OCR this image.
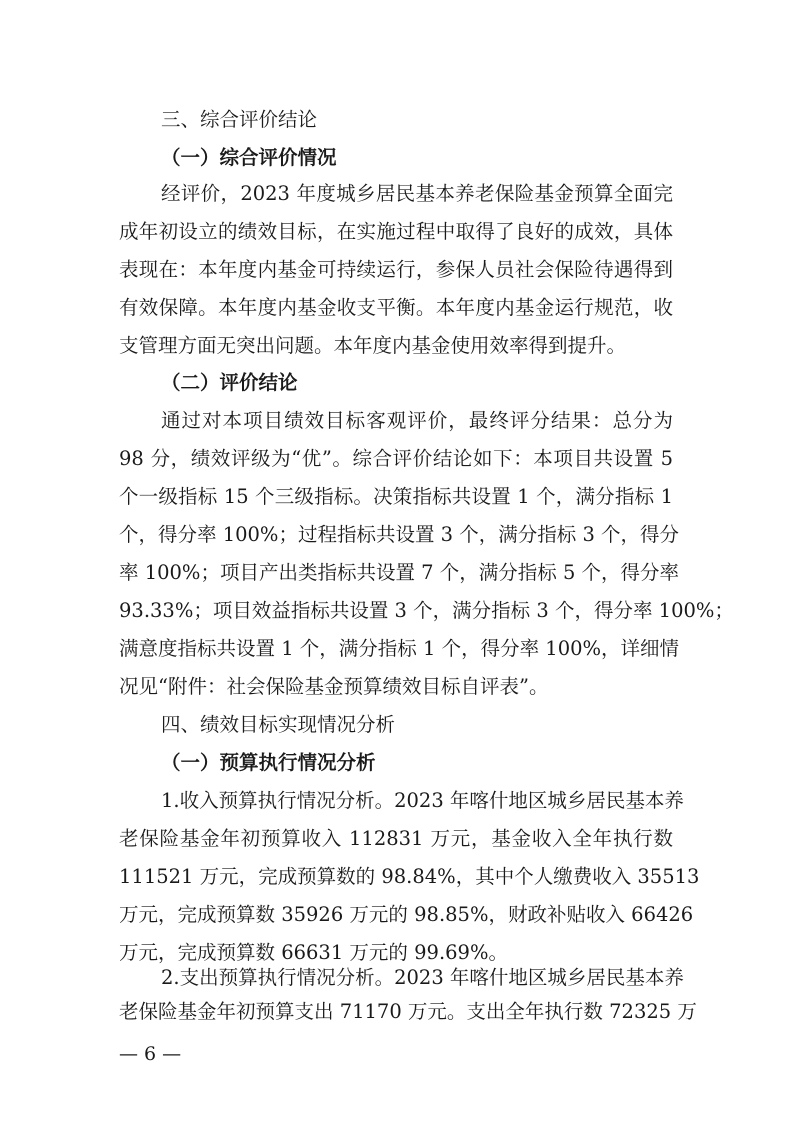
三、综合评价结论

（一）综合评价情况

经评价，2023 年度城乡居民基本养老保险基金预算全面完

成年初设立的绩效目标，在实施过程中取得了良好的成效，具体

表现在：本年度内基金可持续运行，参保人员社会保险待遇得到

有效保障。本年度内基金收支平衡。本年度内基金运行规范，收

支管理方面无突出问题。本年度内基金使用效率得到提升。

（二）评价结论

通过对本项目绩效目标客观评价，最终评分结果：总分为

98 分，绩效评级为“优”。综合评价结论如下：本项目共设置 5

个一级指标 15 个三级指标。决策指标共设置 1 个，满分指标 1

个，得分率 100%；过程指标共设置 3 个，满分指标 3 个，得分

率 100%；项目产出类指标共设置 7 个，满分指标 5 个，得分率

93.33%；项目效益指标共设置 3 个，满分指标 3 个，得分率 100%；

满意度指标共设置 1 个，满分指标 1 个，得分率 100%，详细情

况见“附件：社会保险基金预算绩效目标自评表”。

四、绩效目标实现情况分析

（一）预算执行情况分析

1.收入预算执行情况分析。2023 年喀什地区城乡居民基本养

老保险基金年初预算收入 112831 万元，基金收入全年执行数

111521 万元，完成预算数的 98.84%，其中个人缴费收入 35513

万元，完成预算数 35926 万元的 98.85%，财政补贴收入 66426

万元，完成预算数 66631 万元的 99.69%。

2.支出预算执行情况分析。2023 年喀什地区城乡居民基本养

老保险基金年初预算支出 71170 万元。支出全年执行数 72325 万

— 6 —
